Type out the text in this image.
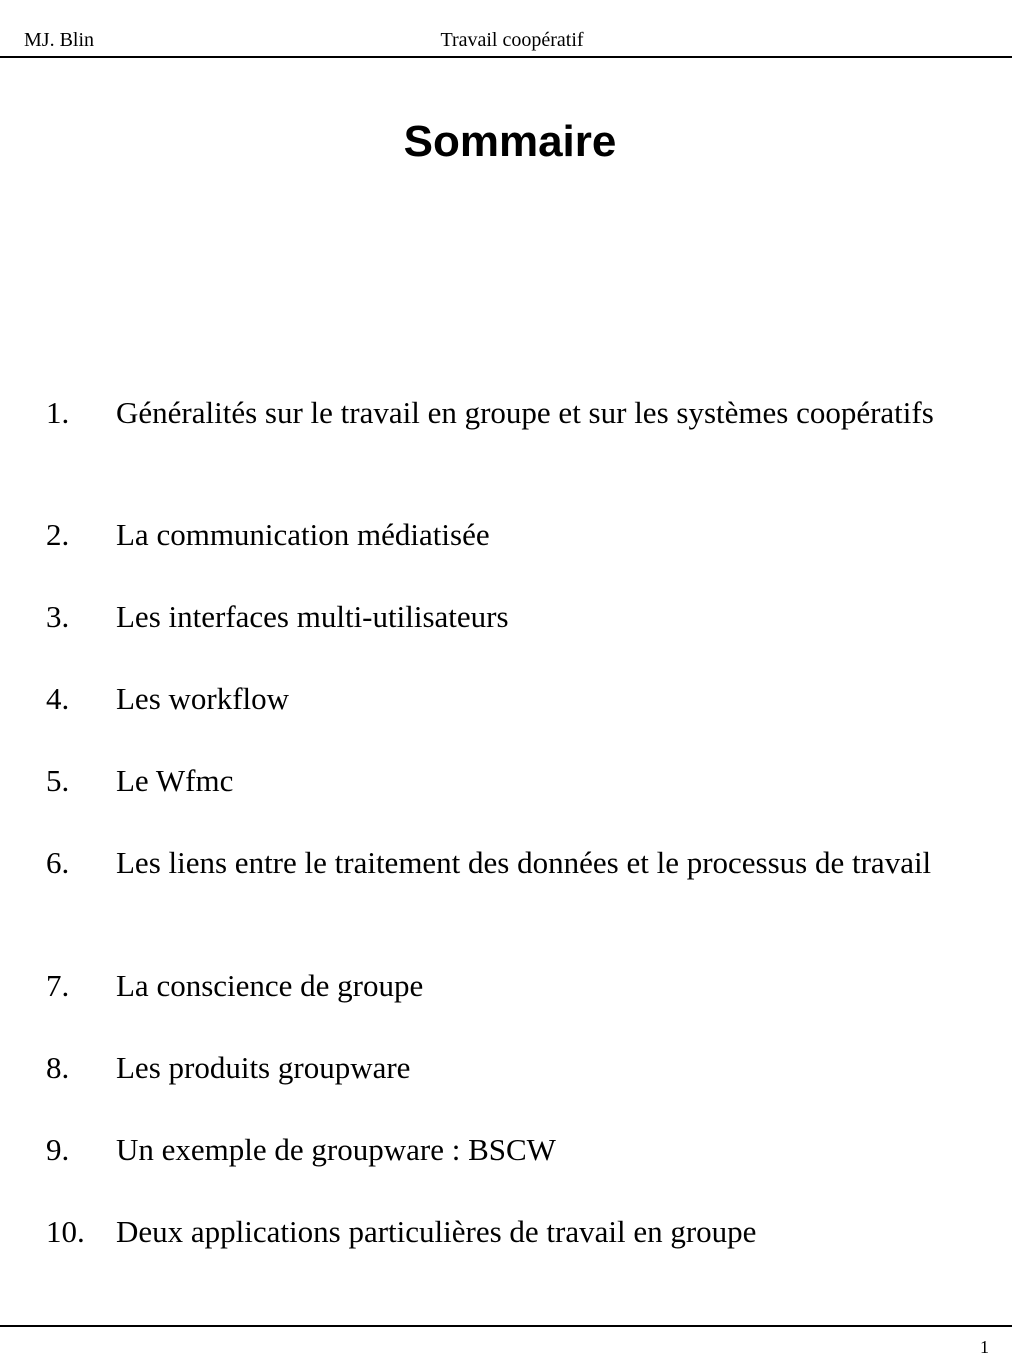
MJ. Blin	Travail coopératif
Sommaire
1. Généralités sur le travail en groupe et sur les systèmes coopératifs
2. La communication médiatisée
3. Les interfaces multi-utilisateurs
4. Les workflow
5. Le Wfmc
6. Les liens entre le traitement des données et le processus de travail
7. La conscience de groupe
8. Les produits groupware
9. Un exemple de groupware : BSCW
10. Deux applications particulières de travail en groupe
1
